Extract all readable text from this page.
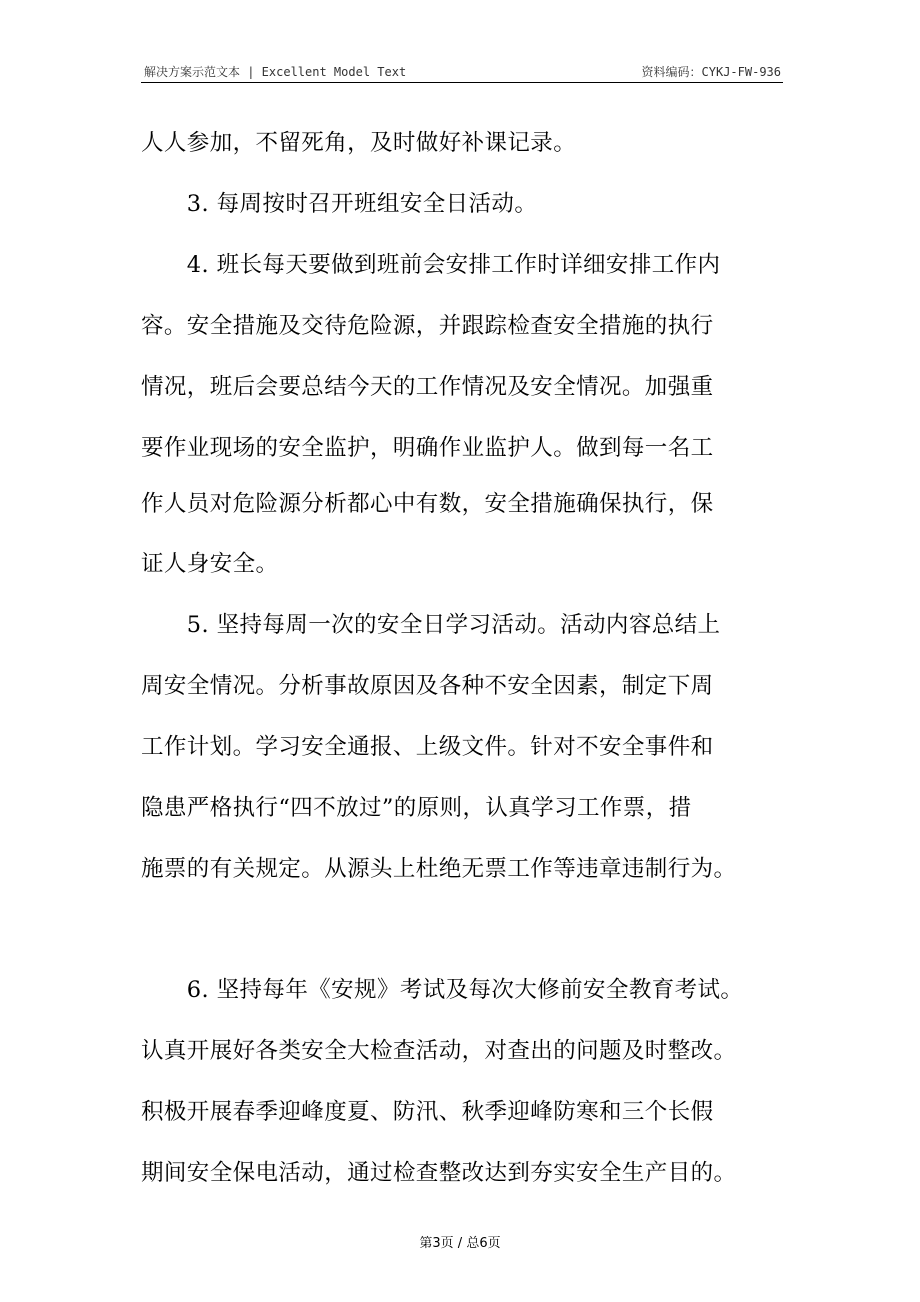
解决方案示范文本 | Excellent Model Text	资料编码：CYKJ-FW-936
人人参加，不留死角，及时做好补课记录。
　　3. 每周按时召开班组安全日活动。
　　4. 班长每天要做到班前会安排工作时详细安排工作内
容。安全措施及交待危险源，并跟踪检查安全措施的执行
情况，班后会要总结今天的工作情况及安全情况。加强重
要作业现场的安全监护，明确作业监护人。做到每一名工
作人员对危险源分析都心中有数，安全措施确保执行，保
证人身安全。
　　5. 坚持每周一次的安全日学习活动。活动内容总结上
周安全情况。分析事故原因及各种不安全因素，制定下周
工作计划。学习安全通报、上级文件。针对不安全事件和
隐患严格执行“四不放过”的原则，认真学习工作票，措
施票的有关规定。从源头上杜绝无票工作等违章违制行为。
　　6. 坚持每年《安规》考试及每次大修前安全教育考试。
认真开展好各类安全大检查活动，对查出的问题及时整改。
积极开展春季迎峰度夏、防汛、秋季迎峰防寒和三个长假
期间安全保电活动，通过检查整改达到夯实安全生产目的。
第3页 / 总6页
